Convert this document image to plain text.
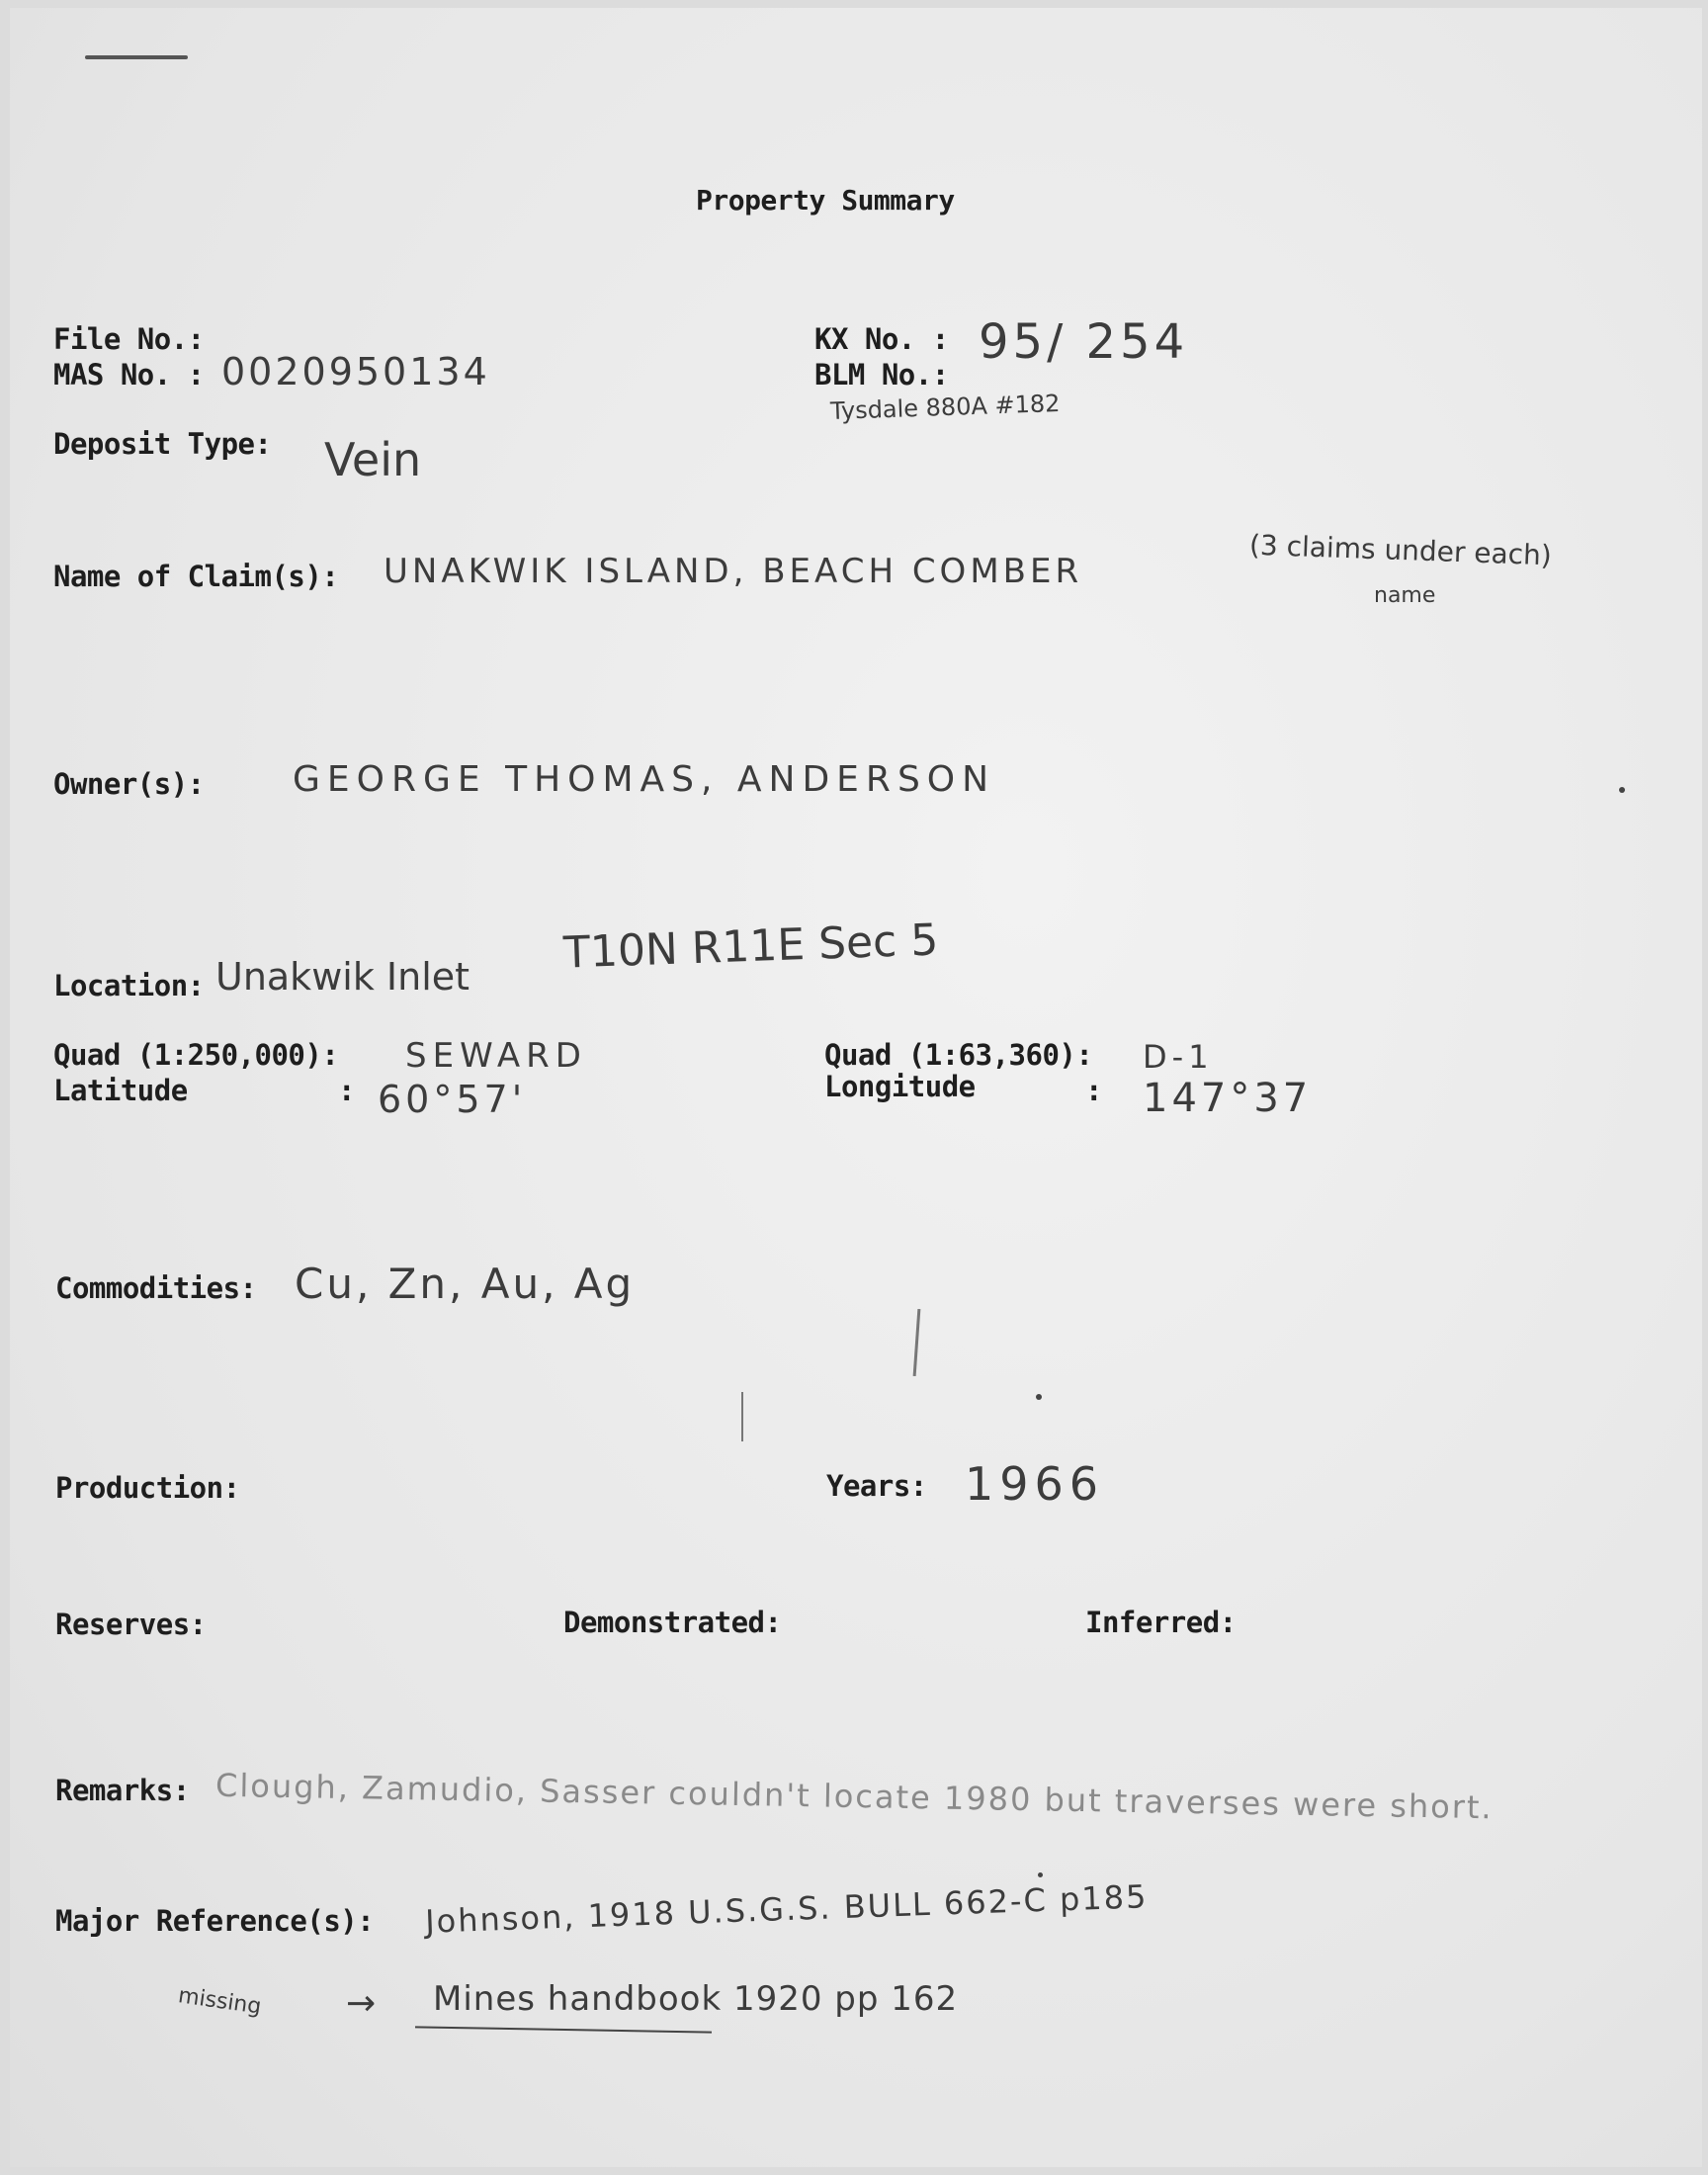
Property Summary
File No.:
MAS No. : 0020950134
KX No. : 95/ 254
BLM No.:
Tysdale 880A #182
Deposit Type: Vein
Name of Claim(s): UNAKWIK ISLAND, BEACH COMBER	(3 claims under each)
name
Owner(s): GEORGE THOMAS, ANDERSON
Location: Unakwik Inlet T10N R11E Sec 5
Quad (1:250,000): SEWARD
Latitude	: 60°57'
Quad (1:63,360): D-1
Longitude	: 147°37
Commodities: Cu, Zn, Au, Ag
Production:	Years: 1966
Reserves:	Demonstrated:	Inferred:
Remarks: Clough, Zamudio, Sasser couldn't locate 1980 but traverses were short.
Major Reference(s): Johnson, 1918 U.S.G.S. BULL 662-C p185
missing → Mines handbook 1920 pp 162
